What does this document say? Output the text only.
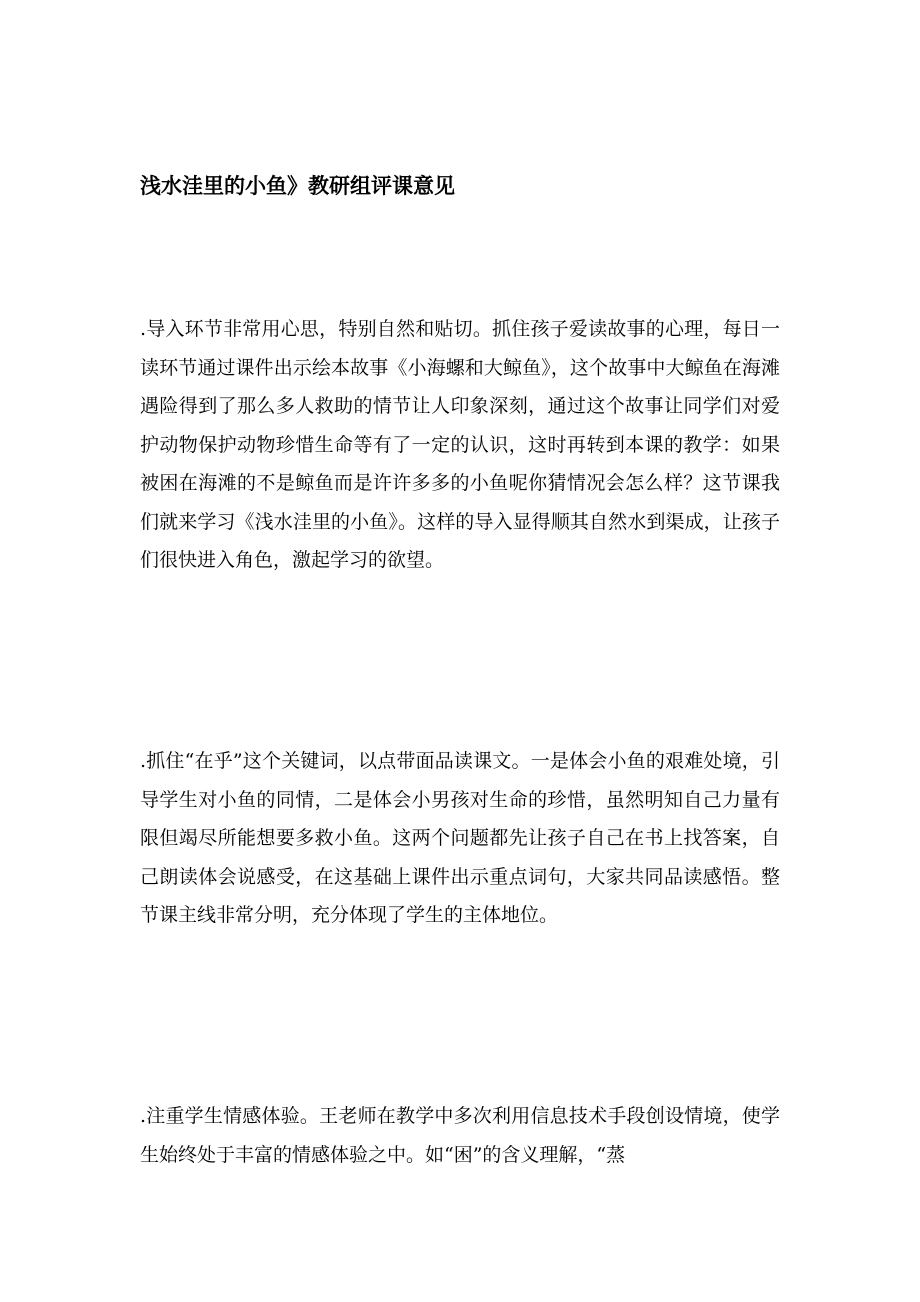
浅水洼里的小鱼》教研组评课意见

.导入环节非常用心思，特别自然和贴切。抓住孩子爱读故事的心理，每日一读环节通过课件出示绘本故事《小海螺和大鲸鱼》，这个故事中大鲸鱼在海滩遇险得到了那么多人救助的情节让人印象深刻，通过这个故事让同学们对爱护动物保护动物珍惜生命等有了一定的认识，这时再转到本课的教学：如果被困在海滩的不是鲸鱼而是许许多多的小鱼呢你猜情况会怎么样？这节课我们就来学习《浅水洼里的小鱼》。这样的导入显得顺其自然水到渠成，让孩子们很快进入角色，激起学习的欲望。

.抓住“在乎”这个关键词，以点带面品读课文。一是体会小鱼的艰难处境，引导学生对小鱼的同情，二是体会小男孩对生命的珍惜，虽然明知自己力量有限但竭尽所能想要多救小鱼。这两个问题都先让孩子自己在书上找答案，自己朗读体会说感受，在这基础上课件出示重点词句，大家共同品读感悟。整节课主线非常分明，充分体现了学生的主体地位。

.注重学生情感体验。王老师在教学中多次利用信息技术手段创设情境，使学生始终处于丰富的情感体验之中。如“困”的含义理解，“蒸
